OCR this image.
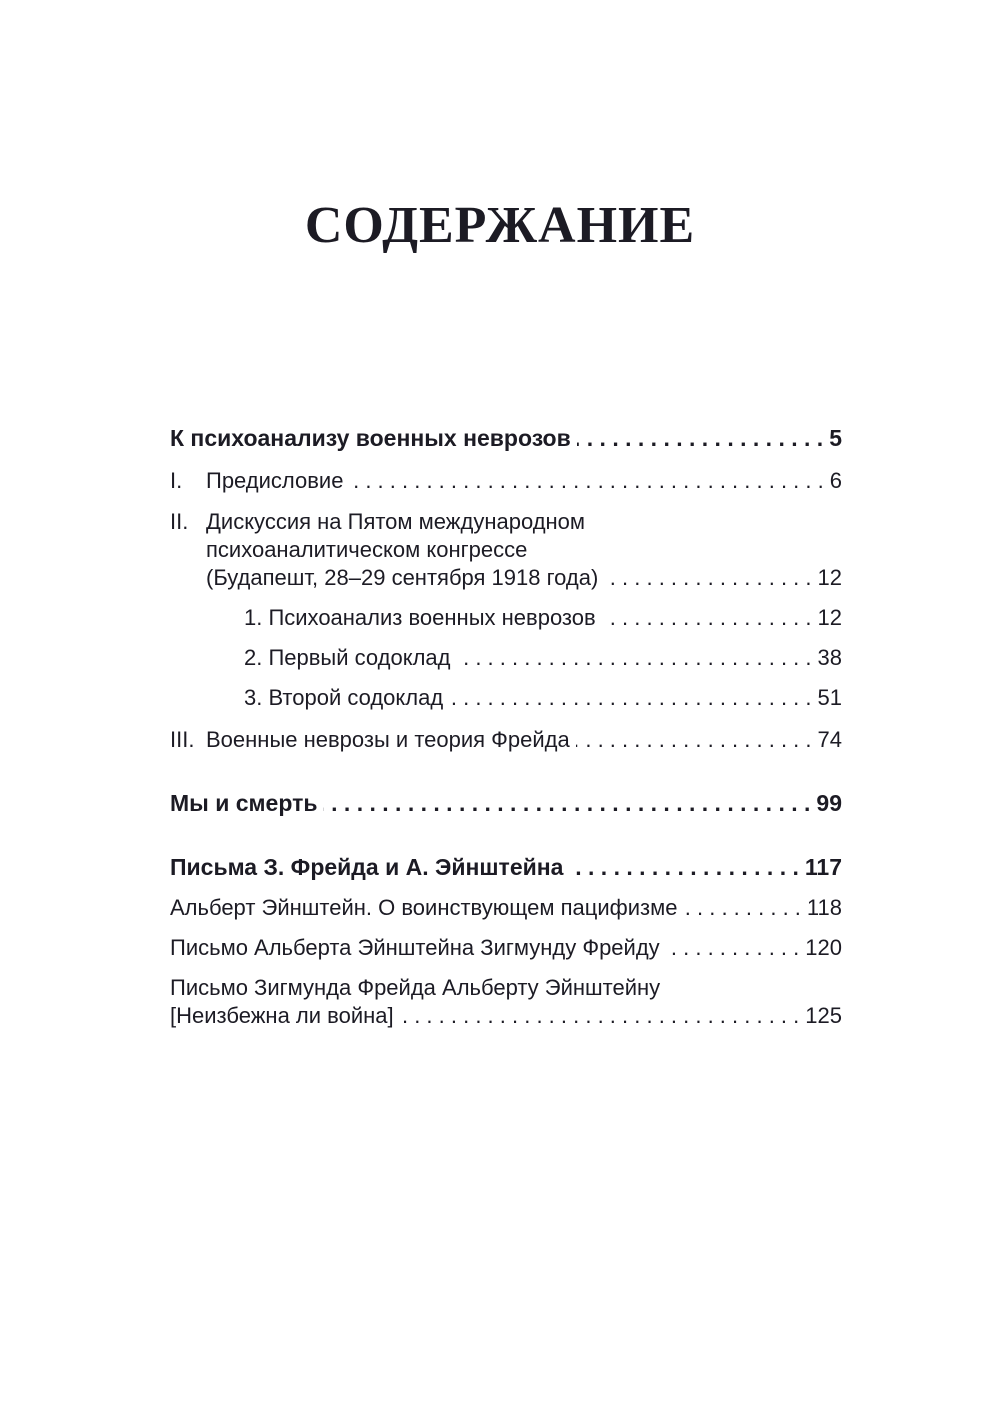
СОДЕРЖАНИЕ
К психоанализу военных неврозов . . .	5
I.	Предисловие . . .	6
II. Дискуссия на Пятом международном
психоаналитическом конгрессе
(Будапешт, 28–29 сентября 1918 года) . . .	12
1. Психоанализ военных неврозов . . .	12
2. Первый содоклад . . .	38
3. Второй содоклад . . .	51
III. Военные неврозы и теория Фрейда . . .	74
Мы и смерть . . .	99
Письма З. Фрейда и А. Эйнштейна . . .	117
Альберт Эйнштейн. О воинствующем пацифизме . . .	118
Письмо Альберта Эйнштейна Зигмунду Фрейду . . .	120
Письмо Зигмунда Фрейда Альберту Эйнштейну
[Неизбежна ли война] . . .	125
